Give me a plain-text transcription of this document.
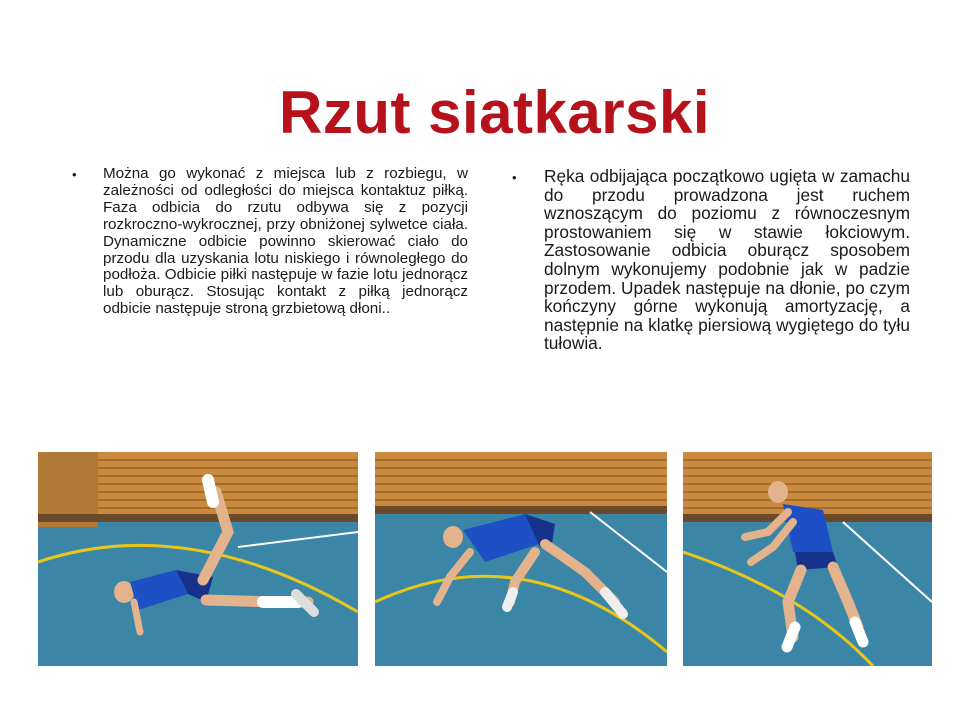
Rzut siatkarski
• Można go wykonać z miejsca lub z rozbiegu, w zależności od odległości do miejsca kontaktuz piłką. Faza odbicia do rzutu odbywa się z pozycji rozkroczno-wykrocznej, przy obniżonej sylwetce ciała. Dynamiczne odbicie powinno skierować ciało do przodu dla uzyskania lotu niskiego i równoległego do podłoża. Odbicie piłki następuje w fazie lotu jednorącz lub oburącz. Stosując kontakt z piłką jednorącz odbicie następuje stroną grzbietową dłoni..

• Ręka odbijająca początkowo ugięta w zamachu do przodu prowadzona jest ruchem wznoszącym do poziomu z równoczesnym prostowaniem się w stawie łokciowym. Zastosowanie odbicia oburącz sposobem dolnym wykonujemy podobnie jak w padzie przodem. Upadek następuje na dłonie, po czym kończyny górne wykonują amortyzację, a następnie na klatkę piersiową wygiętego do tyłu tułowia.
